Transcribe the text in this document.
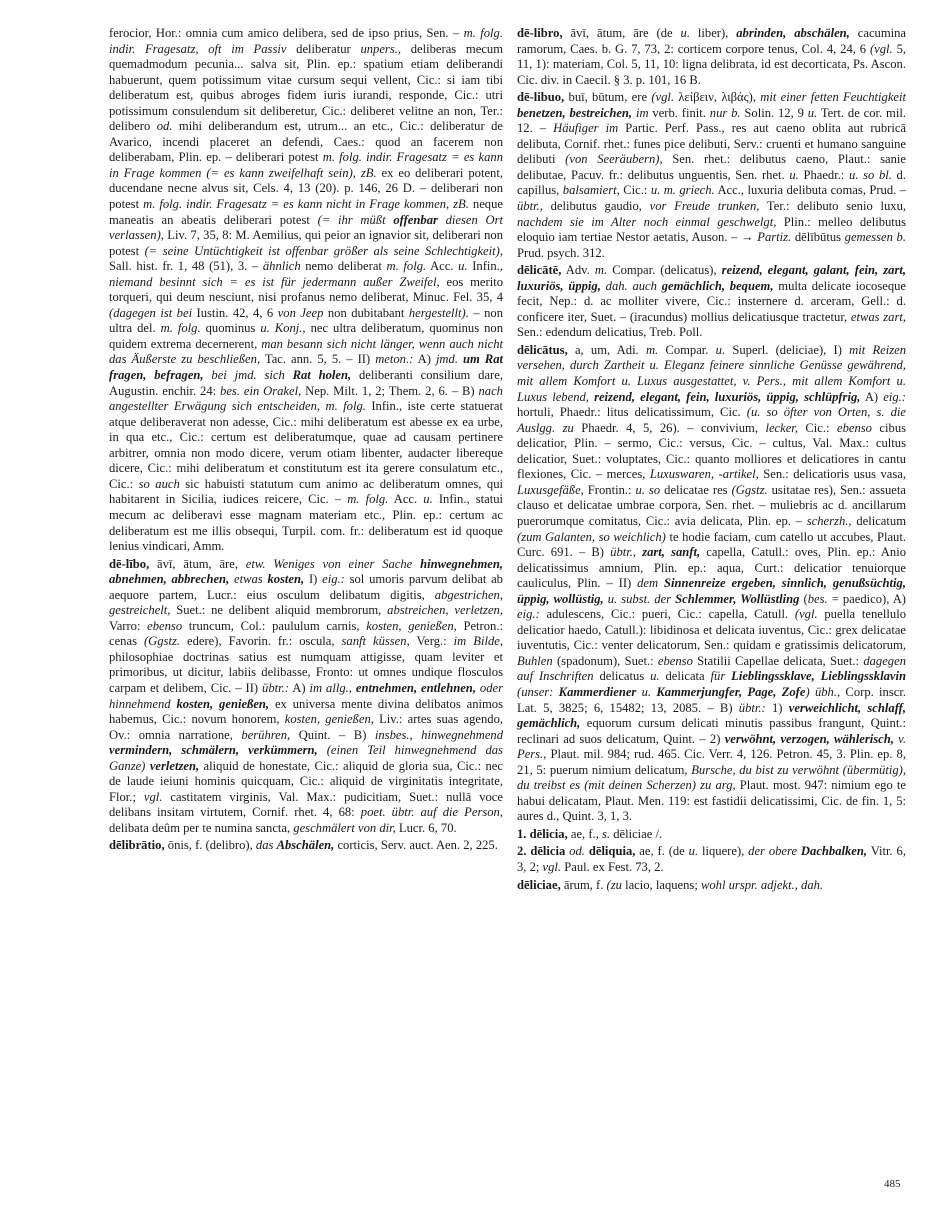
ferocior, Hor.: omnia cum amico delibera, sed de ipso prius, Sen. – m. folg. indir. Fragesatz, oft im Passiv deliberatur unpers., deliberas mecum quemadmodum pecunia... salva sit, Plin. ep.: spatium etiam deliberandi habuerunt, quem potissimum vitae cursum sequi vellent, Cic.: si iam tibi deliberatum est, quibus abroges fidem iuris iurandi, responde, Cic.: utri potissimum consulendum sit deliberetur, Cic.: deliberet velitne an non, Ter.: delibero od. mihi deliberandum est, utrum... an etc., Cic.: deliberatur de Avarico, incendi placeret an defendi, Caes.: quod an facerem non deliberabam, Plin. ep. – deliberari potest m. folg. indir. Fragesatz = es kann in Frage kommen (= es kann zweifelhaft sein), zB. ex eo deliberari potent, ducendane necne alvus sit, Cels. 4, 13 (20). p. 146, 26 D. – deliberari non potest m. folg. indir. Fragesatz = es kann nicht in Frage kommen, zB. neque maneatis an abeatis deliberari potest (= ihr müßt offenbar diesen Ort verlassen), Liv. 7, 35, 8: M. Aemilius, qui peior an ignavior sit, deliberari non potest (= seine Untüchtigkeit ist offenbar größer als seine Schlechtigkeit), Sall. hist. fr. 1, 48 (51), 3. – ähnlich nemo deliberat m. folg. Acc. u. Infin., niemand besinnt sich = es ist für jedermann außer Zweifel, eos merito torqueri, qui deum nesciunt, nisi profanus nemo deliberat, Minuc. Fel. 35, 4 (dagegen ist bei Iustin. 42, 4, 6 von Jeep non dubitabant hergestellt). – non ultra del. m. folg. quominus u. Konj., nec ultra deliberatum, quominus non quidem extrema decernerent, man besann sich nicht länger, wenn auch nicht das Äußerste zu beschließen, Tac. ann. 5, 5. – II) meton.: A) jmd. um Rat fragen, befragen, bei jmd. sich Rat holen, deliberanti consilium dare, Augustin. enchir. 24: bes. ein Orakel, Nep. Milt. 1, 2; Them. 2, 6. – B) nach angestellter Erwägung sich entscheiden, m. folg. Infin., iste certe statuerat atque deliberaverat non adesse, Cic.: mihi deliberatum est abesse ex ea urbe, in qua etc., Cic.: certum est deliberatumque, quae ad causam pertinere arbitrer, omnia non modo dicere, verum otiam libenter, audacter libereque dicere, Cic.: mihi deliberatum et constitutum est ita gerere consulatum etc., Cic.: so auch sic habuisti statutum cum animo ac deliberatum omnes, qui habitarent in Sicilia, iudices reicere, Cic. – m. folg. Acc. u. Infin., statui mecum ac deliberavi esse magnam materiam etc., Plin. ep.: certum ac deliberatum est me illis obsequi, Turpil. com. fr.: deliberatum est id quoque lenius vindicari, Amm.

dē-lībo, āvī, ātum, āre, etw. Weniges von einer Sache hinwegnehmen, abnehmen, abbrechen, etwas kosten, I) eig.: sol umoris parvum delibat ab aequore partem, Lucr.: eius osculum delibatum digitis, abgestrichen, gestreichelt, Suet.: ne delibent aliquid membrorum, abstreichen, verletzen, Varro: ebenso truncum, Col.: paululum carnis, kosten, genießen, Petron.: cenas (Ggstz. edere), Favorin. fr.: oscula, sanft küssen, Verg.: im Bilde, philosophiae doctrinas satius est numquam attigisse, quam leviter et primoribus, ut dicitur, labiis delibasse, Fronto: ut omnes undique flosculos carpam et delibem, Cic. – II) übtr.: A) im allg., entnehmen, entlehnen, oder hinnehmend kosten, genießen, ex universa mente divina delibatos animos habemus, Cic.: novum honorem, kosten, genießen, Liv.: artes suas agendo, Ov.: omnia narratione, berühren, Quint. – B) insbes., hinwegnehmend vermindern, schmälern, verkümmern, (einen Teil hinwegnehmend das Ganze) verletzen, aliquid de honestate, Cic.: aliquid de gloria sua, Cic.: nec de laude ieiuni hominis quicquam, Cic.: aliquid de virginitatis integritate, Flor.; vgl. castitatem virginis, Val. Max.: pudicitiam, Suet.: nullā voce delibans insitam virtutem, Cornif. rhet. 4, 68: poet. übtr. auf die Person, delibata deûm per te numina sancta, geschmälert von dir, Lucr. 6, 70.

dēlibrātio, ōnis, f. (delibro), das Abschälen, corticis, Serv. auct. Aen. 2, 225.

dē-libro, āvī, ātum, āre (de u. liber), abrinden, abschälen, cacumina ramorum, Caes. b. G. 7, 73, 2: corticem corpore tenus, Col. 4, 24, 6 (vgl. 5, 11, 1): materiam, Col. 5, 11, 10: ligna delibrata, id est decorticata, Ps. Ascon. Cic. div. in Caecil. § 3. p. 101, 16 B.

dē-libuo, buī, būtum, ere (vgl. λείβειν, λιβάς), mit einer fetten Feuchtigkeit benetzen, bestreichen, im verb. finit. nur b. Solin. 12, 9 u. Tert. de cor. mil. 12. – Häufiger im Partic. Perf. Pass., res aut caeno oblita aut rubricā delibuta, Cornif. rhet.: funes pice delibuti, Serv.: cruenti et humano sanguine delibuti (von Seeräubern), Sen. rhet.: delibutus caeno, Plaut.: sanie delibutae, Pacuv. fr.: delibutus unguentis, Sen. rhet. u. Phaedr.: u. so bl. d. capillus, balsamiert, Cic.: u. m. griech. Acc., luxuria delibuta comas, Prud. – übtr., delibutus gaudio, vor Freude trunken, Ter.: delibuto senio luxu, nachdem sie im Alter noch einmal geschwelgt, Plin.: melleo delibutus eloquio iam tertiae Nestor aetatis, Auson. – → Partiz. dēlībūtus gemessen b. Prud. psych. 312.

dēlicātē, Adv. m. Compar. (delicatus), reizend, elegant, galant, fein, zart, luxuriös, üppig, dah. auch gemächlich, bequem, multa delicate iocoseque fecit, Nep.: d. ac molliter vivere, Cic.: insternere d. arceram, Gell.: d. conficere iter, Suet. – (iracundus) mollius delicatiusque tractetur, etwas zart, Sen.: edendum delicatius, Treb. Poll.

dēlicātus, a, um, Adi. m. Compar. u. Superl. (deliciae), I) mit Reizen versehen, durch Zartheit u. Eleganz feinere sinnliche Genüsse gewährend, mit allem Komfort u. Luxus ausgestattet, v. Pers., mit allem Komfort u. Luxus lebend, reizend, elegant, fein, luxuriös, üppig, schlüpfrig, A) eig.: hortuli, Phaedr.: litus delicatissimum, Cic. (u. so öfter von Orten, s. die Auslgg. zu Phaedr. 4, 5, 26). – convivium, lecker, Cic.: ebenso cibus delicatior, Plin. – sermo, Cic.: versus, Cic. – cultus, Val. Max.: cultus delicatior, Suet.: voluptates, Cic.: quanto molliores et delicatiores in cantu flexiones, Cic. – merces, Luxuswaren, -artikel, Sen.: delicatioris usus vasa, Luxusgefäße, Frontin.: u. so delicatae res (Ggstz. usitatae res), Sen.: assueta clauso et delicatae umbrae corpora, Sen. rhet. – muliebris ac d. ancillarum puerorumque comitatus, Cic.: avia delicata, Plin. ep. – scherzh., delicatum (zum Galanten, so weichlich) te hodie faciam, cum catello ut accubes, Plaut. Curc. 691. – B) übtr., zart, sanft, capella, Catull.: oves, Plin. ep.: Anio delicatissimus amnium, Plin. ep.: aqua, Curt.: delicatior tenuiorque cauliculus, Plin. – II) dem Sinnenreize ergeben, sinnlich, genußsüchtig, üppig, wollüstig, u. subst. der Schlemmer, Wollüstling (bes. = paedico), A) eig.: adulescens, Cic.: pueri, Cic.: capella, Catull. (vgl. puella tenellulo delicatior haedo, Catull.): libidinosa et delicata iuventus, Cic.: grex delicatae iuventutis, Cic.: venter delicatorum, Sen.: quidam e gratissimis delicatorum, Buhlen (spadonum), Suet.: ebenso Statilii Capellae delicata, Suet.: dagegen auf Inschriften delicatus u. delicata für Lieblingssklave, Lieblingssklavin (unser: Kammerdiener u. Kammerjungfer, Page, Zofe) übh., Corp. inscr. Lat. 5, 3825; 6, 15482; 13, 2085. – B) übtr.: 1) verweichlicht, schlaff, gemächlich, equorum cursum delicati minutis passibus frangunt, Quint.: reclinari ad suos delicatum, Quint. – 2) verwöhnt, verzogen, wählerisch, v. Pers., Plaut. mil. 984; rud. 465. Cic. Verr. 4, 126. Petron. 45, 3. Plin. ep. 8, 21, 5: puerum nimium delicatum, Bursche, du bist zu verwöhnt (übermütig), du treibst es (mit deinen Scherzen) zu arg, Plaut. most. 947: nimium ego te habui delicatam, Plaut. Men. 119: est fastidii delicatissimi, Cic. de fin. 1, 5: aures d., Quint. 3, 1, 3.

1. dēlicia, ae, f., s. dēliciae /.

2. dēlicia od. dēliquia, ae, f. (de u. liquere), der obere Dachbalken, Vitr. 6, 3, 2; vgl. Paul. ex Fest. 73, 2.

dēliciae, ārum, f. (zu lacio, laquens; wohl urspr. adjekt., dah.

485
